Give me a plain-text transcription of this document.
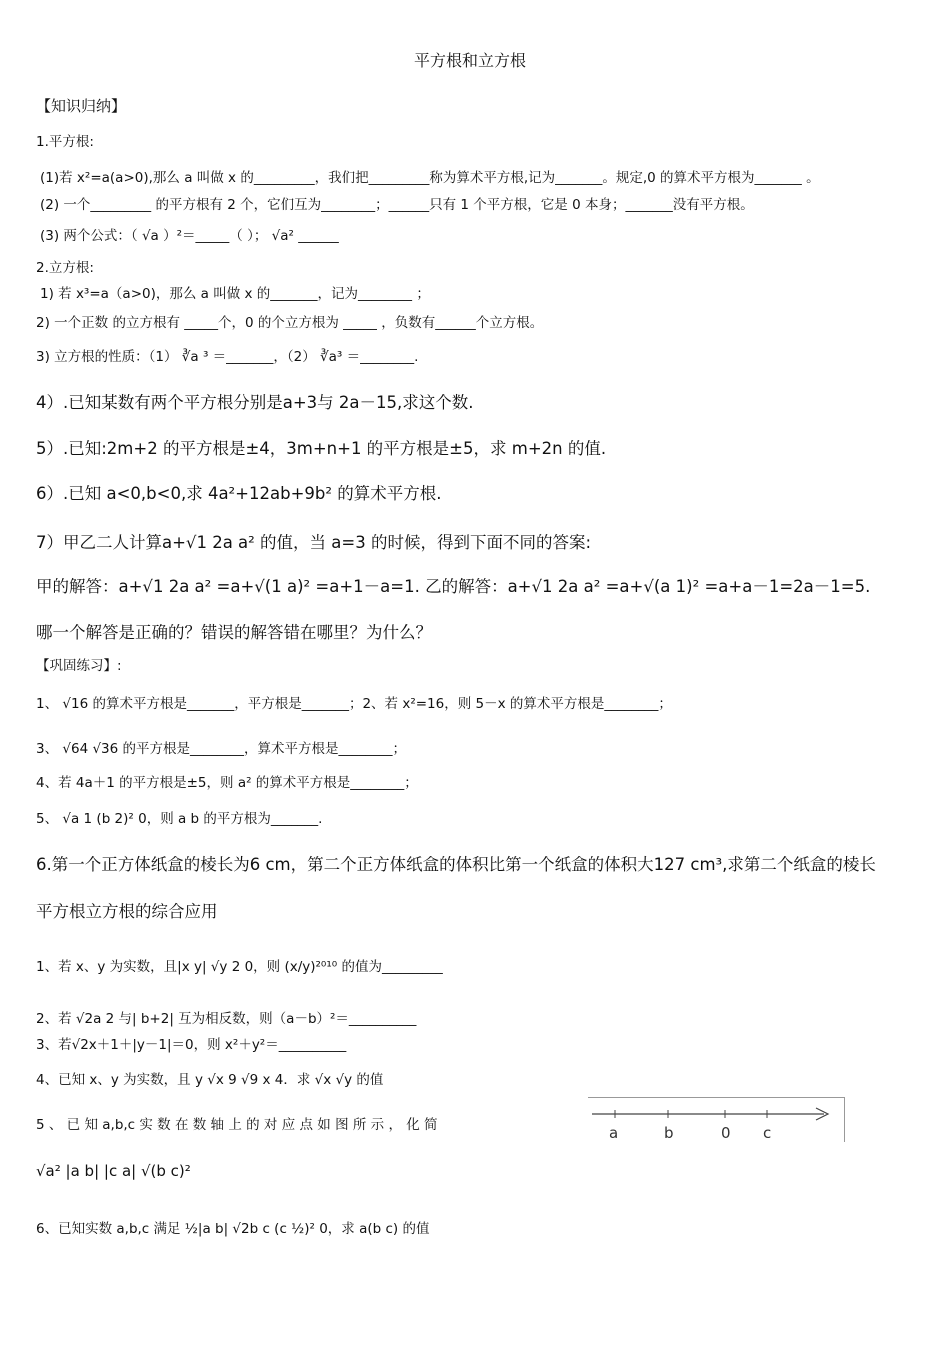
平方根和立方根
【知识归纳】
1.平方根:
(1)若 x²=a(a>0),那么 a 叫做 x 的_________，我们把_________称为算术平方根,记为_______。规定,0 的算术平方根为_______ 。
(2) 一个_________ 的平方根有 2 个，它们互为________；______只有 1 个平方根，它是 0 本身；_______没有平方根。
(3) 两个公式：（ √a ）²＝_____（ ）； √a² ______
2.立方根:
1) 若 x³=a（a>0)，那么 a 叫做 x 的_______，记为________ ；
2) 一个正数 的立方根有 _____个，0 的个立方根为 _____ ，负数有______个立方根。
3) 立方根的性质：（1） ∛a ³ ＝_______，（2） ∛a³ ＝________.
4）.已知某数有两个平方根分别是a+3与 2a－15,求这个数.
5）.已知:2m+2 的平方根是±4，3m+n+1 的平方根是±5，求 m+2n 的值.
6）.已知 a<0,b<0,求 4a²+12ab+9b² 的算术平方根.
7）甲乙二人计算a+√1 2a a² 的值，当 a=3 的时候，得到下面不同的答案:
甲的解答：a+√1 2a a² =a+√(1 a)² =a+1－a=1. 乙的解答：a+√1 2a a² =a+√(a 1)² =a+a－1=2a－1=5.
哪一个解答是正确的？错误的解答错在哪里？为什么？
【巩固练习】:
1、 √16 的算术平方根是_______，平方根是_______；2、若 x²=16，则 5－x 的算术平方根是________；
3、 √64 √36 的平方根是________，算术平方根是________；
4、若 4a＋1 的平方根是±5，则 a² 的算术平方根是________；
5、 √a 1 (b 2)² 0，则 a b 的平方根为_______.
6.第一个正方体纸盒的棱长为6 cm，第二个正方体纸盒的体积比第一个纸盒的体积大127 cm³,求第二个纸盒的棱长
平方根立方根的综合应用
1、若 x、y 为实数，且|x y| √y 2 0，则 (x/y)²⁰¹⁰ 的值为_________
2、若 √2a 2 与| b+2| 互为相反数，则（a－b）²＝__________
3、若√2x＋1＋|y－1|＝0，则 x²＋y²＝__________
4、已知 x、y 为实数，且 y √x 9 √9 x 4．求 √x √y 的值
5 、 已 知 a,b,c 实 数 在 数 轴 上 的 对 应 点 如 图 所 示 ， 化 简	a	b	0 c
√a² |a b| |c a| √(b c)²
6、已知实数 a,b,c 满足 ½|a b| √2b c (c ½)² 0，求 a(b c) 的值
